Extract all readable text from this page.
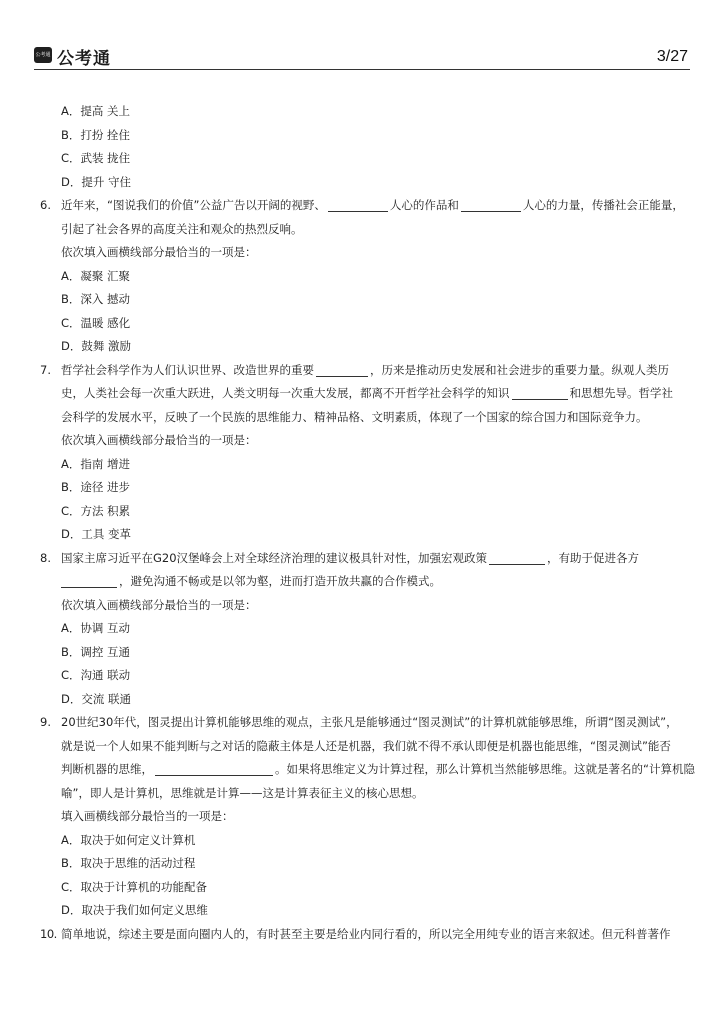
公考通 公考通	3/27
A．提高 关上
B．打扮 拴住
C．武装 拢住
D．提升 守住
6. 近年来，“图说我们的价值”公益广告以开阔的视野、	人心的作品和	人心的力量，传播社会正能量，
引起了社会各界的高度关注和观众的热烈反响。
依次填入画横线部分最恰当的一项是：
A．凝聚 汇聚
B．深入 撼动
C．温暖 感化
D．鼓舞 激励
7. 哲学社会科学作为人们认识世界、改造世界的重要	，历来是推动历史发展和社会进步的重要力量。纵观人类历
史，人类社会每一次重大跃进，人类文明每一次重大发展，都离不开哲学社会科学的知识	和思想先导。哲学社
会科学的发展水平，反映了一个民族的思维能力、精神品格、文明素质，体现了一个国家的综合国力和国际竞争力。
依次填入画横线部分最恰当的一项是：
A．指南 增进
B．途径 进步
C．方法 积累
D．工具 变革
8. 国家主席习近平在G20汉堡峰会上对全球经济治理的建议极具针对性，加强宏观政策	，有助于促进各方
，避免沟通不畅或是以邻为壑，进而打造开放共赢的合作模式。
依次填入画横线部分最恰当的一项是：
A．协调 互动
B．调控 互通
C．沟通 联动
D．交流 联通
9. 20世纪30年代，图灵提出计算机能够思维的观点，主张凡是能够通过“图灵测试”的计算机就能够思维，所谓“图灵测试”，
就是说一个人如果不能判断与之对话的隐蔽主体是人还是机器，我们就不得不承认即便是机器也能思维，“图灵测试”能否
判断机器的思维，	。如果将思维定义为计算过程，那么计算机当然能够思维。这就是著名的“计算机隐
喻”，即人是计算机，思维就是计算——这是计算表征主义的核心思想。
填入画横线部分最恰当的一项是：
A．取决于如何定义计算机
B．取决于思维的活动过程
C．取决于计算机的功能配备
D．取决于我们如何定义思维
10. 简单地说，综述主要是面向圈内人的，有时甚至主要是给业内同行看的，所以完全用纯专业的语言来叙述。但元科普著作
